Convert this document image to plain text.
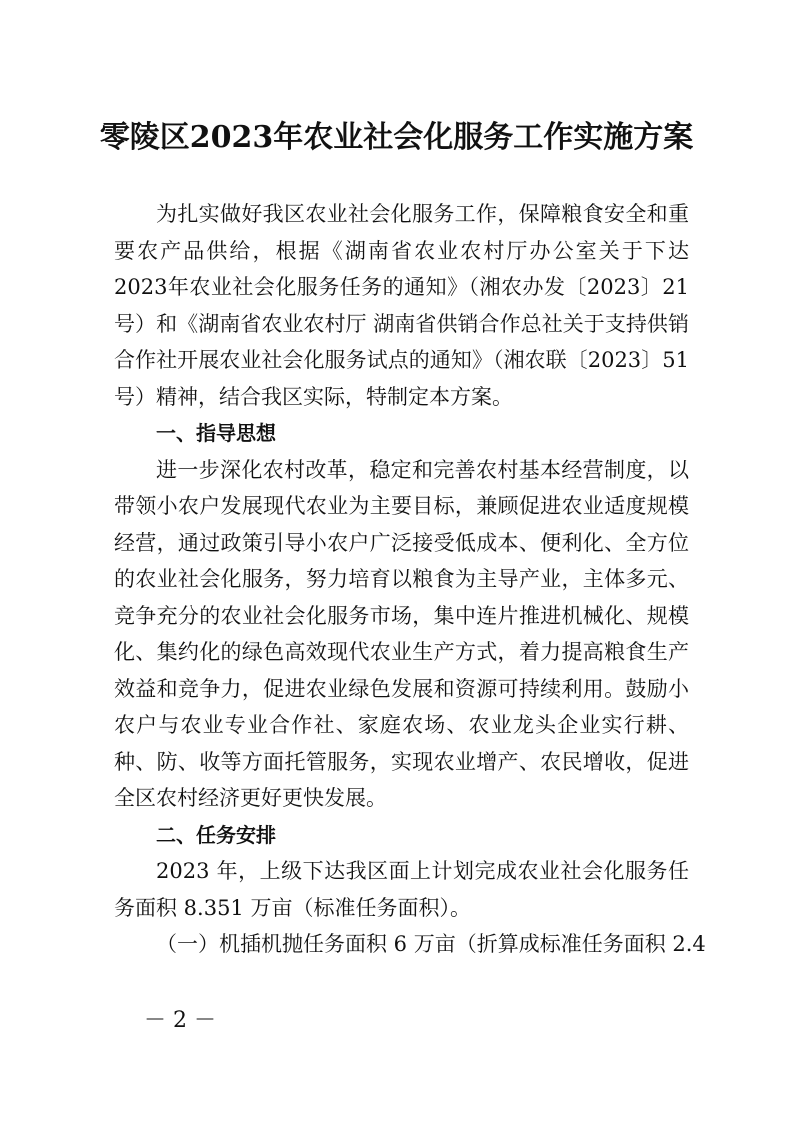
零陵区2023年农业社会化服务工作实施方案

为扎实做好我区农业社会化服务工作，保障粮食安全和重要农产品供给，根据《湖南省农业农村厅办公室关于下达2023年农业社会化服务任务的通知》（湘农办发〔2023〕21号）和《湖南省农业农村厅 湖南省供销合作总社关于支持供销合作社开展农业社会化服务试点的通知》（湘农联〔2023〕51号）精神，结合我区实际，特制定本方案。

一、指导思想

进一步深化农村改革，稳定和完善农村基本经营制度，以带领小农户发展现代农业为主要目标，兼顾促进农业适度规模经营，通过政策引导小农户广泛接受低成本、便利化、全方位的农业社会化服务，努力培育以粮食为主导产业，主体多元、竞争充分的农业社会化服务市场，集中连片推进机械化、规模化、集约化的绿色高效现代农业生产方式，着力提高粮食生产效益和竞争力，促进农业绿色发展和资源可持续利用。鼓励小农户与农业专业合作社、家庭农场、农业龙头企业实行耕、种、防、收等方面托管服务，实现农业增产、农民增收，促进全区农村经济更好更快发展。

二、任务安排

2023 年，上级下达我区面上计划完成农业社会化服务任务面积 8.351 万亩（标准任务面积）。

（一）机插机抛任务面积 6 万亩（折算成标准任务面积 2.4

－ 2 －
